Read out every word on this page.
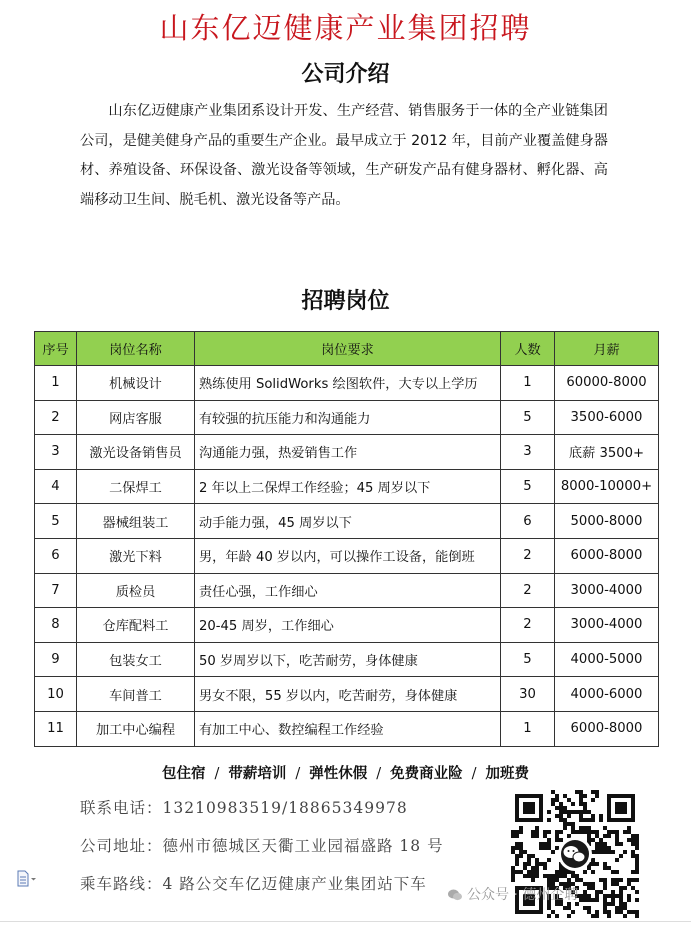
山东亿迈健康产业集团招聘
公司介绍
山东亿迈健康产业集团系设计开发、生产经营、销售服务于一体的全产业链集团公司，是健美健身产品的重要生产企业。最早成立于 2012 年，目前产业覆盖健身器材、养殖设备、环保设备、激光设备等领域，生产研发产品有健身器材、孵化器、高端移动卫生间、脱毛机、激光设备等产品。
招聘岗位
序号	岗位名称	岗位要求	人数	月薪
1	机械设计	熟练使用 SolidWorks 绘图软件，大专以上学历	1	60000-8000
2	网店客服	有较强的抗压能力和沟通能力	5	3500-6000
3	激光设备销售员	沟通能力强，热爱销售工作	3	底薪 3500+
4	二保焊工	2 年以上二保焊工作经验；45 周岁以下	5	8000-10000+
5	器械组装工	动手能力强，45 周岁以下	6	5000-8000
6	激光下料	男，年龄 40 岁以内，可以操作工设备，能倒班	2	6000-8000
7	质检员	责任心强，工作细心	2	3000-4000
8	仓库配料工	20-45 周岁，工作细心	2	3000-4000
9	包装女工	50 岁周岁以下，吃苦耐劳，身体健康	5	4000-5000
10	车间普工	男女不限，55 岁以内，吃苦耐劳，身体健康	30	4000-6000
11	加工中心编程	有加工中心、数控编程工作经验	1	6000-8000
包住宿 / 带薪培训 / 弹性休假 / 免费商业险 / 加班费
联系电话：13210983519/18865349978
公司地址：德州市德城区天衢工业园福盛路 18 号
乘车路线：4 路公交车亿迈健康产业集团站下车
公众号 · 德州企聘
